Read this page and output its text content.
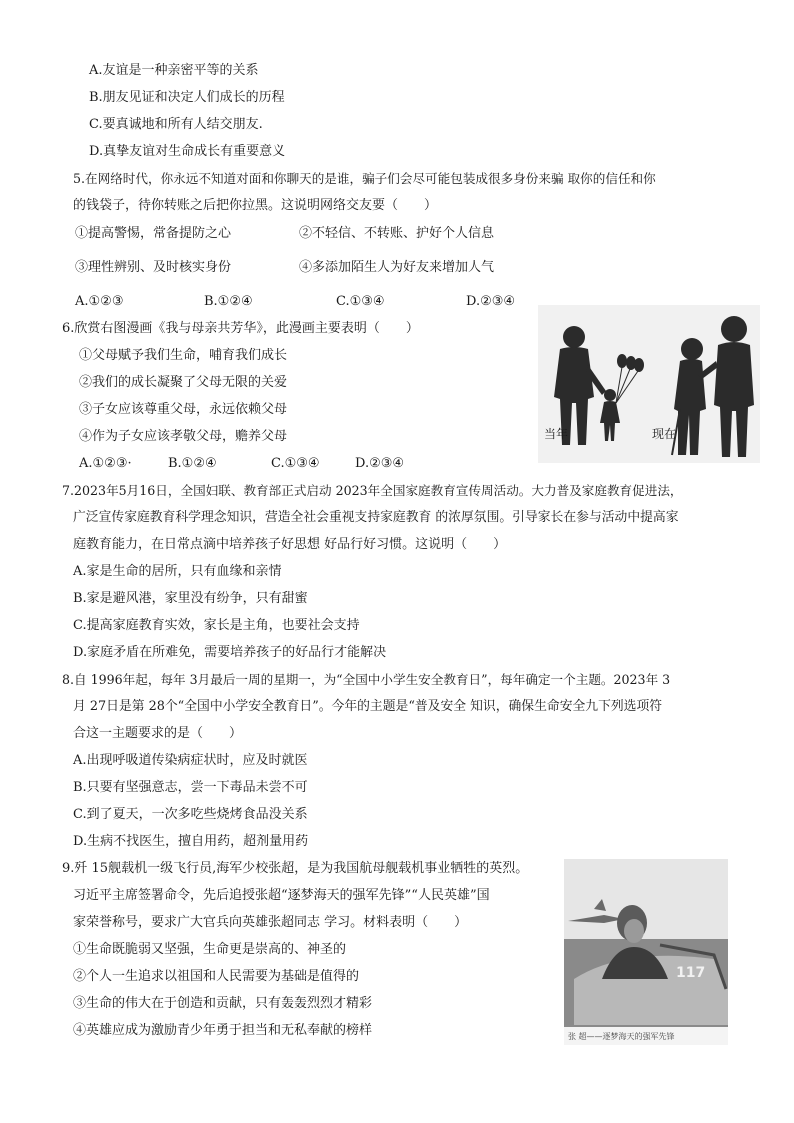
A.友谊是一种亲密平等的关系
B.朋友见证和决定人们成长的历程
C.要真诚地和所有人结交朋友.
D.真挚友谊对生命成长有重要意义
5.在网络时代，你永远不知道对面和你聊天的是谁，骗子们会尽可能包装成很多身份来骗 取你的信任和你
的钱袋子，待你转账之后把你拉黑。这说明网络交友要（　　）
①提高警惕，常备提防之心	②不轻信、不转账、护好个人信息
③理性辨别、及时核实身份	④多添加陌生人为好友来增加人气
A.①②③	B.①②④	C.①③④	D.②③④
6.欣赏右图漫画《我与母亲共芳华》，此漫画主要表明（　　）
①父母赋予我们生命，哺育我们成长
②我们的成长凝聚了父母无限的关爱
③子女应该尊重父母，永远依赖父母
④作为子女应该孝敬父母，赡养父母
A.①②③·	B.①②④	C.①③④	D.②③④
当年	现在
7.2023年5月16日，全国妇联、教育部正式启动 2023年全国家庭教育宣传周活动。大力普及家庭教育促进法，
广泛宣传家庭教育科学理念知识，营造全社会重视支持家庭教育 的浓厚氛围。引导家长在参与活动中提高家
庭教育能力，在日常点滴中培养孩子好思想 好品行好习惯。这说明（　　）
A.家是生命的居所，只有血缘和亲情
B.家是避风港，家里没有纷争，只有甜蜜
C.提高家庭教育实效，家长是主角，也要社会支持
D.家庭矛盾在所难免，需要培养孩子的好品行才能解决
8.自 1996年起，每年 3月最后一周的星期一，为“全国中小学生安全教育日”，每年确定一个主题。2023年 3
月 27日是第 28个“全国中小学安全教育日”。今年的主题是“普及安全 知识，确保生命安全九下列选项符
合这一主题要求的是（　　）
A.出现呼吸道传染病症状时，应及时就医
B.只要有坚强意志，尝一下毒品未尝不可
C.到了夏天，一次多吃些烧烤食品没关系
D.生病不找医生，擅自用药，超剂量用药
9.歼 15舰载机一级飞行员,海军少校张超，是为我国航母舰载机事业牺牲的英烈。
习近平主席签署命令，先后追授张超“逐梦海天的强军先锋”“人民英雄”国
家荣誉称号，要求广大官兵向英雄张超同志 学习。材料表明（　　）
①生命既脆弱又坚强，生命更是崇高的、神圣的
②个人一生追求以祖国和人民需要为基础是值得的
③生命的伟大在于创造和贡献，只有轰轰烈烈才精彩
④英雄应成为激励青少年勇于担当和无私奉献的榜样
117
张 超——逐梦海天的强军先锋
